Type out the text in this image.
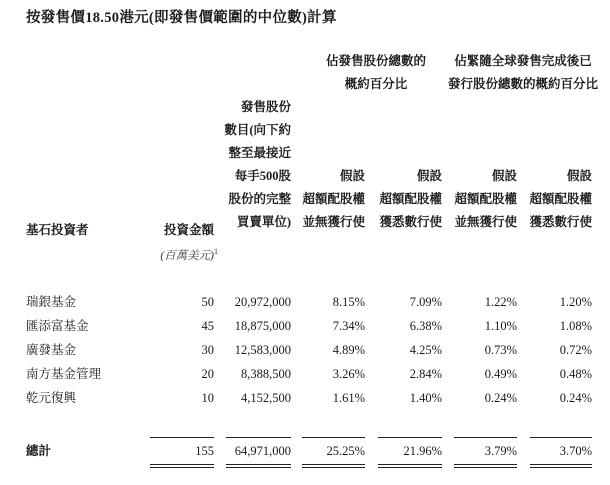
按發售價18.50港元(即發售價範圍的中位數)計算
佔發售股份總數的
概約百分比
佔緊隨全球發售完成後已
發行股份總數的概約百分比
發售股份
數目(向下約
整至最接近
每手500股
股份的完整
買賣單位)
假設
超額配股權
並無獲行使
假設
超額配股權
獲悉數行使
假設
超額配股權
並無獲行使
假設
超額配股權
獲悉數行使
基石投資者	投資金額
(百萬美元)$^1$
瑞銀基金	50 20,972,000	8.15%	7.09%	1.22%	1.20%
匯添富基金	45 18,875,000	7.34%	6.38%	1.10%	1.08%
廣發基金	30 12,583,000	4.89%	4.25%	0.73%	0.72%
南方基金管理	20 8,388,500	3.26%	2.84%	0.49%	0.48%
乾元復興	10 4,152,500	1.61%	1.40%	0.24%	0.24%
總計	155 64,971,000	25.25%	21.96%	3.79%	3.70%
